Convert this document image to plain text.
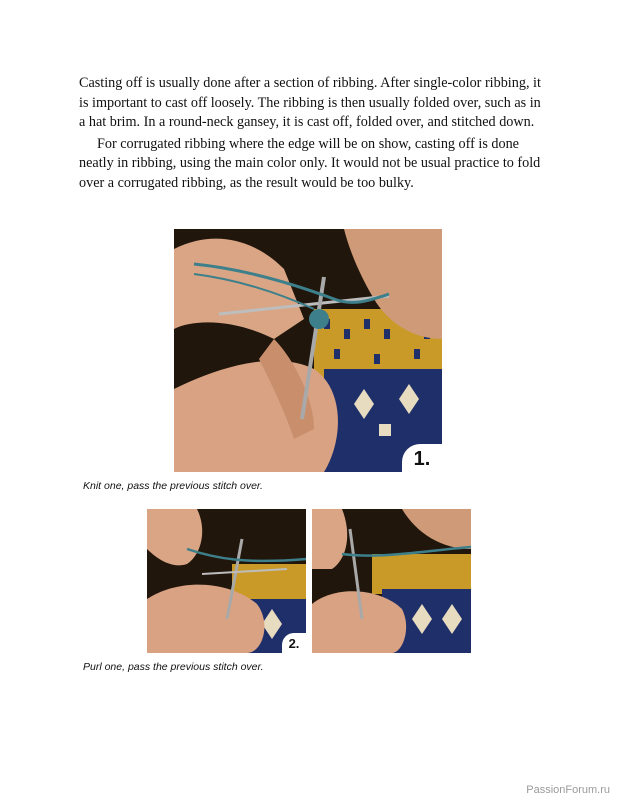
Casting off is usually done after a section of ribbing. After single-color ribbing, it is important to cast off loosely. The ribbing is then usually folded over, such as in a hat brim. In a round-neck gansey, it is cast off, folded over, and stitched down.

For corrugated ribbing where the edge will be on show, casting off is done neatly in ribbing, using the main color only. It would not be usual practice to fold over a corrugated ribbing, as the result would be too bulky.

1.
Knit one, pass the previous stitch over.
2.
Purl one, pass the previous stitch over.
PassionForum.ru
